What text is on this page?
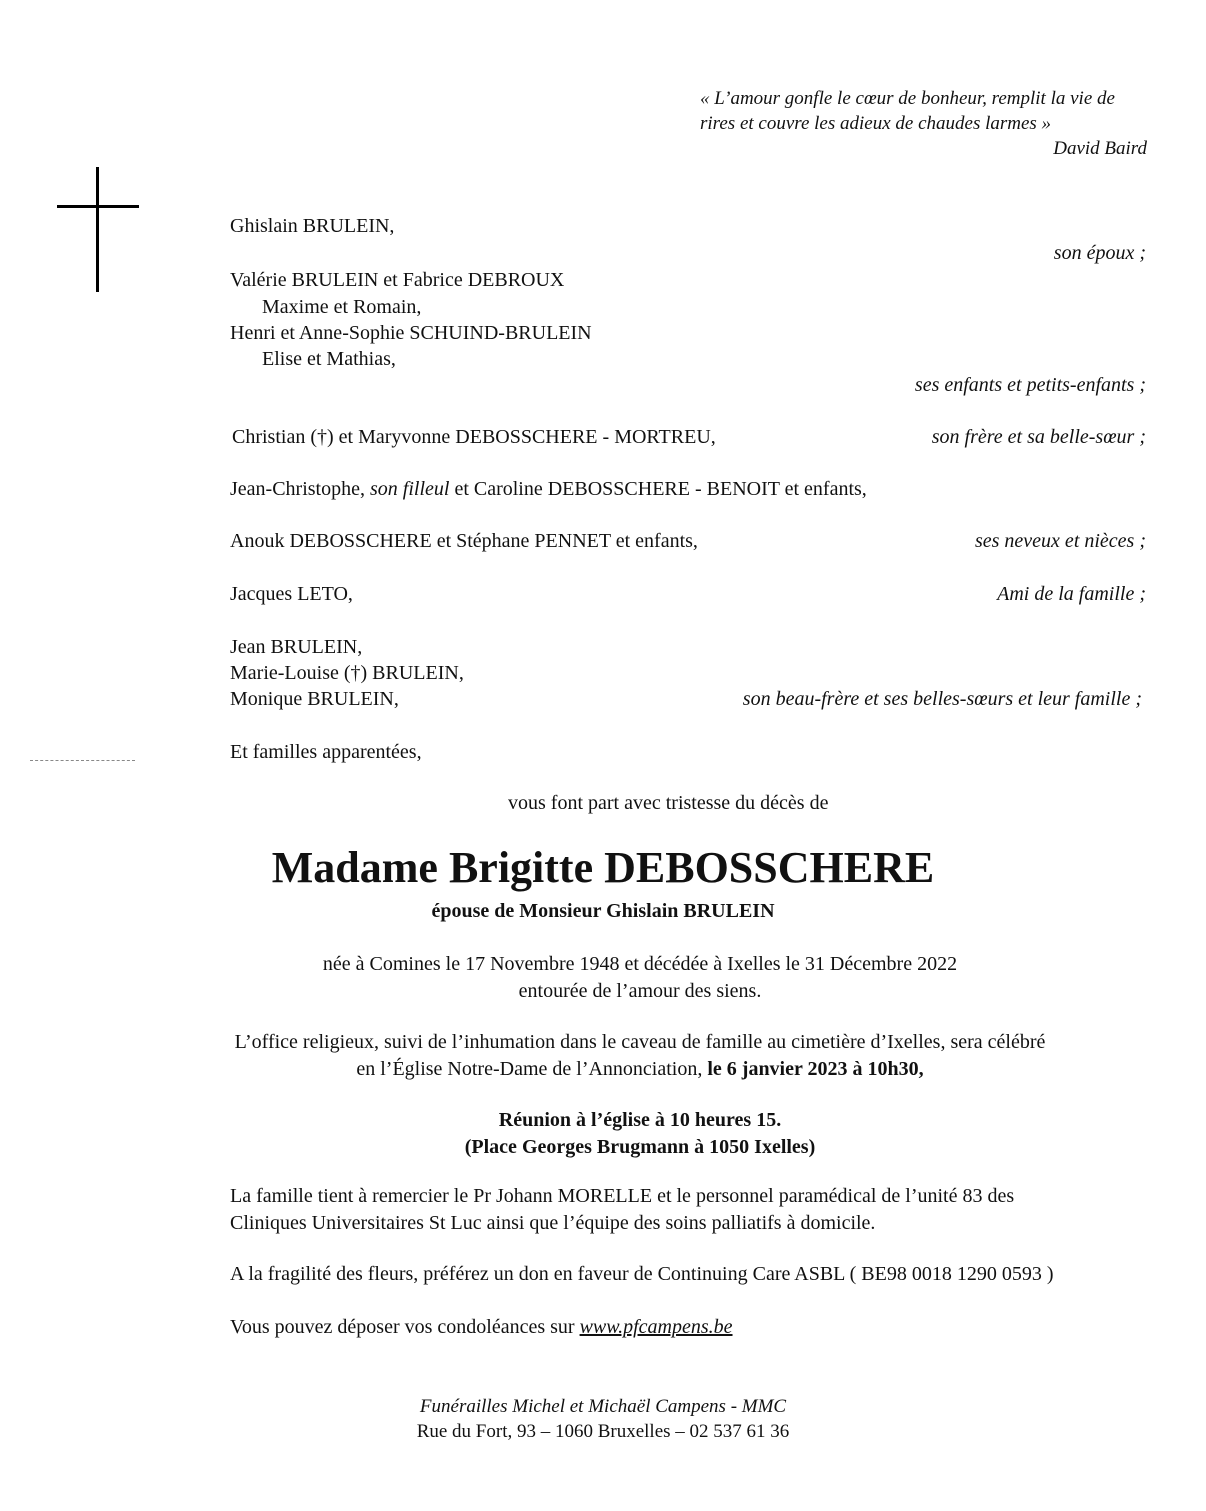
« L’amour gonfle le cœur de bonheur, remplit la vie de
rires et couvre les adieux de chaudes larmes »
David Baird
Ghislain BRULEIN,
son époux ;
Valérie BRULEIN et Fabrice DEBROUX
Maxime et Romain,
Henri et Anne-Sophie SCHUIND-BRULEIN
Elise et Mathias,
ses enfants et petits-enfants ;
Christian (†) et Maryvonne DEBOSSCHERE - MORTREU,	son frère et sa belle-sœur ;
Jean-Christophe, son filleul et Caroline DEBOSSCHERE - BENOIT et enfants,
Anouk DEBOSSCHERE et Stéphane PENNET et enfants,	ses neveux et nièces ;
Jacques LETO,	Ami de la famille ;
Jean BRULEIN,
Marie-Louise (†) BRULEIN,
Monique BRULEIN,	son beau-frère et ses belles-sœurs et leur famille ;
Et familles apparentées,
vous font part avec tristesse du décès de
Madame Brigitte DEBOSSCHERE
épouse de Monsieur Ghislain BRULEIN
née à Comines le 17 Novembre 1948 et décédée à Ixelles le 31 Décembre 2022
entourée de l’amour des siens.
L’office religieux, suivi de l’inhumation dans le caveau de famille au cimetière d’Ixelles, sera célébré
en l’Église Notre-Dame de l’Annonciation, le 6 janvier 2023 à 10h30,
Réunion à l’église à 10 heures 15.
(Place Georges Brugmann à 1050 Ixelles)
La famille tient à remercier le Pr Johann MORELLE et le personnel paramédical de l’unité 83 des
Cliniques Universitaires St Luc ainsi que l’équipe des soins palliatifs à domicile.
A la fragilité des fleurs, préférez un don en faveur de Continuing Care ASBL ( BE98 0018 1290 0593 )
Vous pouvez déposer vos condoléances sur www.pfcampens.be
Funérailles Michel et Michaël Campens - MMC
Rue du Fort, 93 – 1060 Bruxelles – 02 537 61 36
